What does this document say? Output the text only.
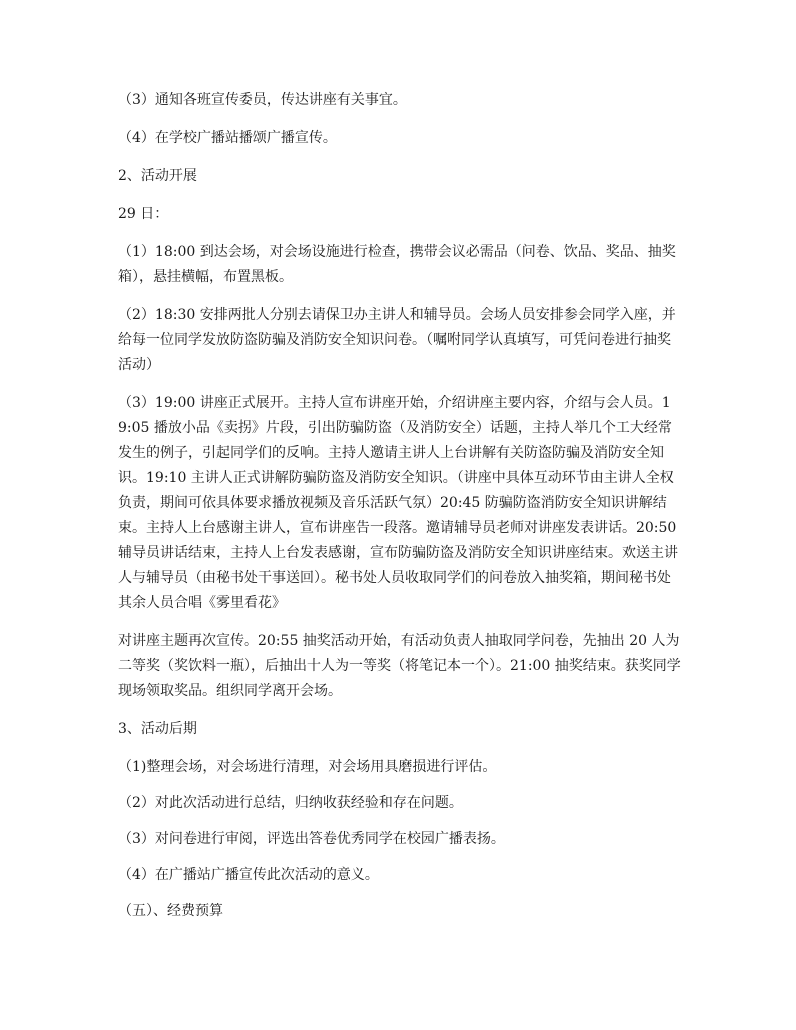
（3）通知各班宣传委员，传达讲座有关事宜。

（4）在学校广播站播颂广播宣传。

2、活动开展

29 日：

（1）18:00 到达会场，对会场设施进行检查，携带会议必需品（问卷、饮品、奖品、抽奖箱），悬挂横幅，布置黑板。

（2）18:30 安排两批人分别去请保卫办主讲人和辅导员。会场人员安排参会同学入座，并给每一位同学发放防盗防骗及消防安全知识问卷。（嘱咐同学认真填写，可凭问卷进行抽奖活动）

（3）19:00 讲座正式展开。主持人宣布讲座开始，介绍讲座主要内容，介绍与会人员。19:05 播放小品《卖拐》片段，引出防骗防盗（及消防安全）话题，主持人举几个工大经常发生的例子，引起同学们的反响。主持人邀请主讲人上台讲解有关防盗防骗及消防安全知识。19:10 主讲人正式讲解防骗防盗及消防安全知识。（讲座中具体互动环节由主讲人全权负责，期间可依具体要求播放视频及音乐活跃气氛）20:45 防骗防盗消防安全知识讲解结束。主持人上台感谢主讲人，宣布讲座告一段落。邀请辅导员老师对讲座发表讲话。20:50 辅导员讲话结束，主持人上台发表感谢，宣布防骗防盗及消防安全知识讲座结束。欢送主讲人与辅导员（由秘书处干事送回）。秘书处人员收取同学们的问卷放入抽奖箱，期间秘书处其余人员合唱《雾里看花》

对讲座主题再次宣传。20:55 抽奖活动开始，有活动负责人抽取同学问卷，先抽出 20 人为二等奖（奖饮料一瓶），后抽出十人为一等奖（将笔记本一个）。21:00 抽奖结束。获奖同学现场领取奖品。组织同学离开会场。

3、活动后期

（1)整理会场，对会场进行清理，对会场用具磨损进行评估。

（2）对此次活动进行总结，归纳收获经验和存在问题。

（3）对问卷进行审阅，评选出答卷优秀同学在校园广播表扬。

（4）在广播站广播宣传此次活动的意义。

（五）、经费预算
